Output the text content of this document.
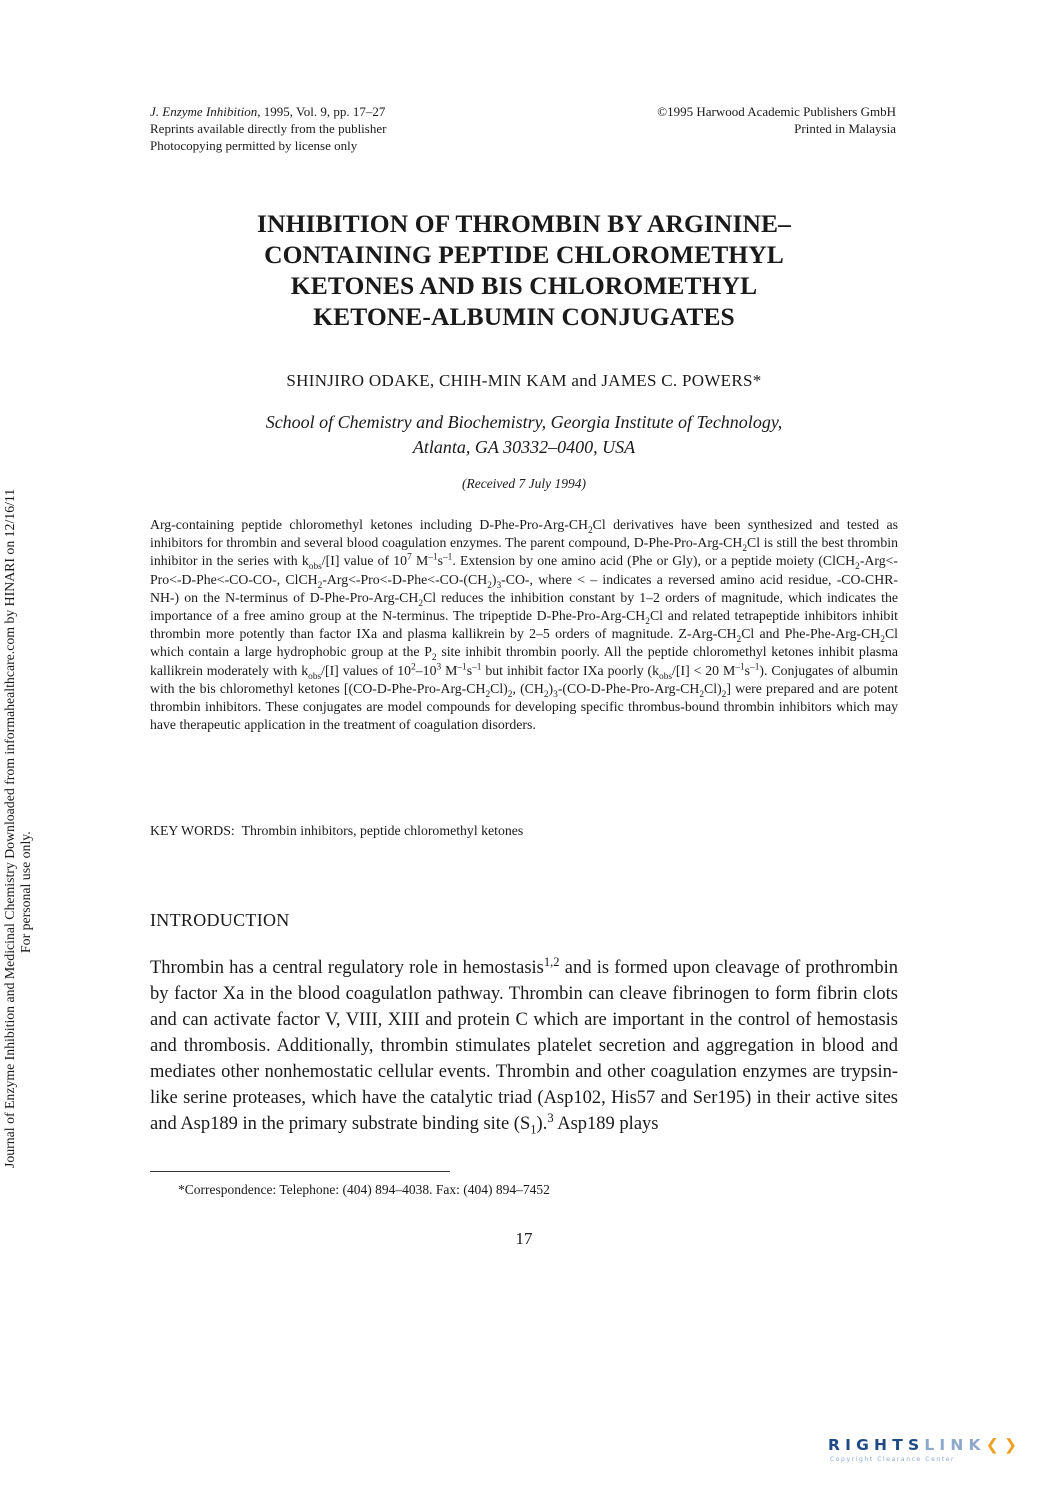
J. Enzyme Inhibition, 1995, Vol. 9, pp. 17–27
Reprints available directly from the publisher
Photocopying permitted by license only
©1995 Harwood Academic Publishers GmbH
Printed in Malaysia
INHIBITION OF THROMBIN BY ARGININE–
CONTAINING PEPTIDE CHLOROMETHYL
KETONES AND BIS CHLOROMETHYL
KETONE-ALBUMIN CONJUGATES
SHINJIRO ODAKE, CHIH-MIN KAM and JAMES C. POWERS*
School of Chemistry and Biochemistry, Georgia Institute of Technology,
Atlanta, GA 30332–0400, USA
(Received 7 July 1994)
Arg-containing peptide chloromethyl ketones including $D-Phe-Pro-Arg-CH_2Cl$ derivatives have been synthesized and tested as inhibitors for thrombin and several blood coagulation enzymes. The parent compound, $D-Phe-Pro-Arg-CH_2Cl$ is still the best thrombin inhibitor in the series with $k_{obs}/[I]$ value of $10^7$ $M^{-1}s^{-1}$. Extension by one amino acid (Phe or Gly), or a peptide moiety (ClCH$_2$-Arg<-Pro<-D-Phe<-CO-CO-, $ClCH_2-Arg<-Pro<-D-Phe<-CO-(CH_2)_3-CO-$, where < – indicates a reversed amino acid residue, -CO-CHR-NH-) on the N-terminus of $D-Phe-Pro-Arg-CH_2Cl$ reduces the inhibition constant by 1–2 orders of magnitude, which indicates the importance of a free amino group at the N-terminus. The tripeptide $D-Phe-Pro-Arg-CH_2Cl$ and related tetrapeptide inhibitors inhibit thrombin more potently than factor IXa and plasma kallikrein by 2–5 orders of magnitude. $Z-Arg-CH_2Cl$ and Phe-$Phe-Arg-CH_2Cl$ which contain a large hydrophobic group at the $P_2$ site inhibit thrombin poorly. All the peptide chloromethyl ketones inhibit plasma kallikrein moderately with $k_{obs}/[I]$ values of $10^2-10^3$ $M^{-1}s^{-1}$ but inhibit factor IXa poorly ($k_{obs}/[I] < 20$ $M^{-1}s^{-1}$). Conjugates of albumin with the bis chloromethyl ketones [$(CO-D-Phe-Pro-Arg-CH_2Cl)_2$, $(CH_2)_3-(CO-D-Phe-Pro-Arg-CH_2Cl)_2$] were prepared and are potent thrombin inhibitors. These conjugates are model compounds for developing specific thrombus-bound thrombin inhibitors which may have therapeutic application in the treatment of coagulation disorders.
KEY WORDS: Thrombin inhibitors, peptide chloromethyl ketones
INTRODUCTION
Thrombin has a central regulatory role in hemostasis$^{1,2}$ and is formed upon cleavage of prothrombin by factor Xa in the blood coagulatlon pathway. Thrombin can cleave fibrinogen to form fibrin clots and can activate factor V, VIII, XIII and protein C which are important in the control of hemostasis and thrombosis. Additionally, thrombin stimulates platelet secretion and aggregation in blood and mediates other nonhemostatic cellular events. Thrombin and other coagulation enzymes are trypsin-like serine proteases, which have the catalytic triad (Asp102, His57 and Ser195) in their active sites and Asp189 in the primary substrate binding site $(S_1).^3$ Asp189 plays
*Correspondence: Telephone: (404) 894–4038. Fax: (404) 894–7452
17
Journal of Enzyme Inhibition and Medicinal Chemistry Downloaded from informahealthcare.com by HINARI on 12/16/11 For personal use only.
RIGHTSLINK❮❯
Copyright Clearance Center
